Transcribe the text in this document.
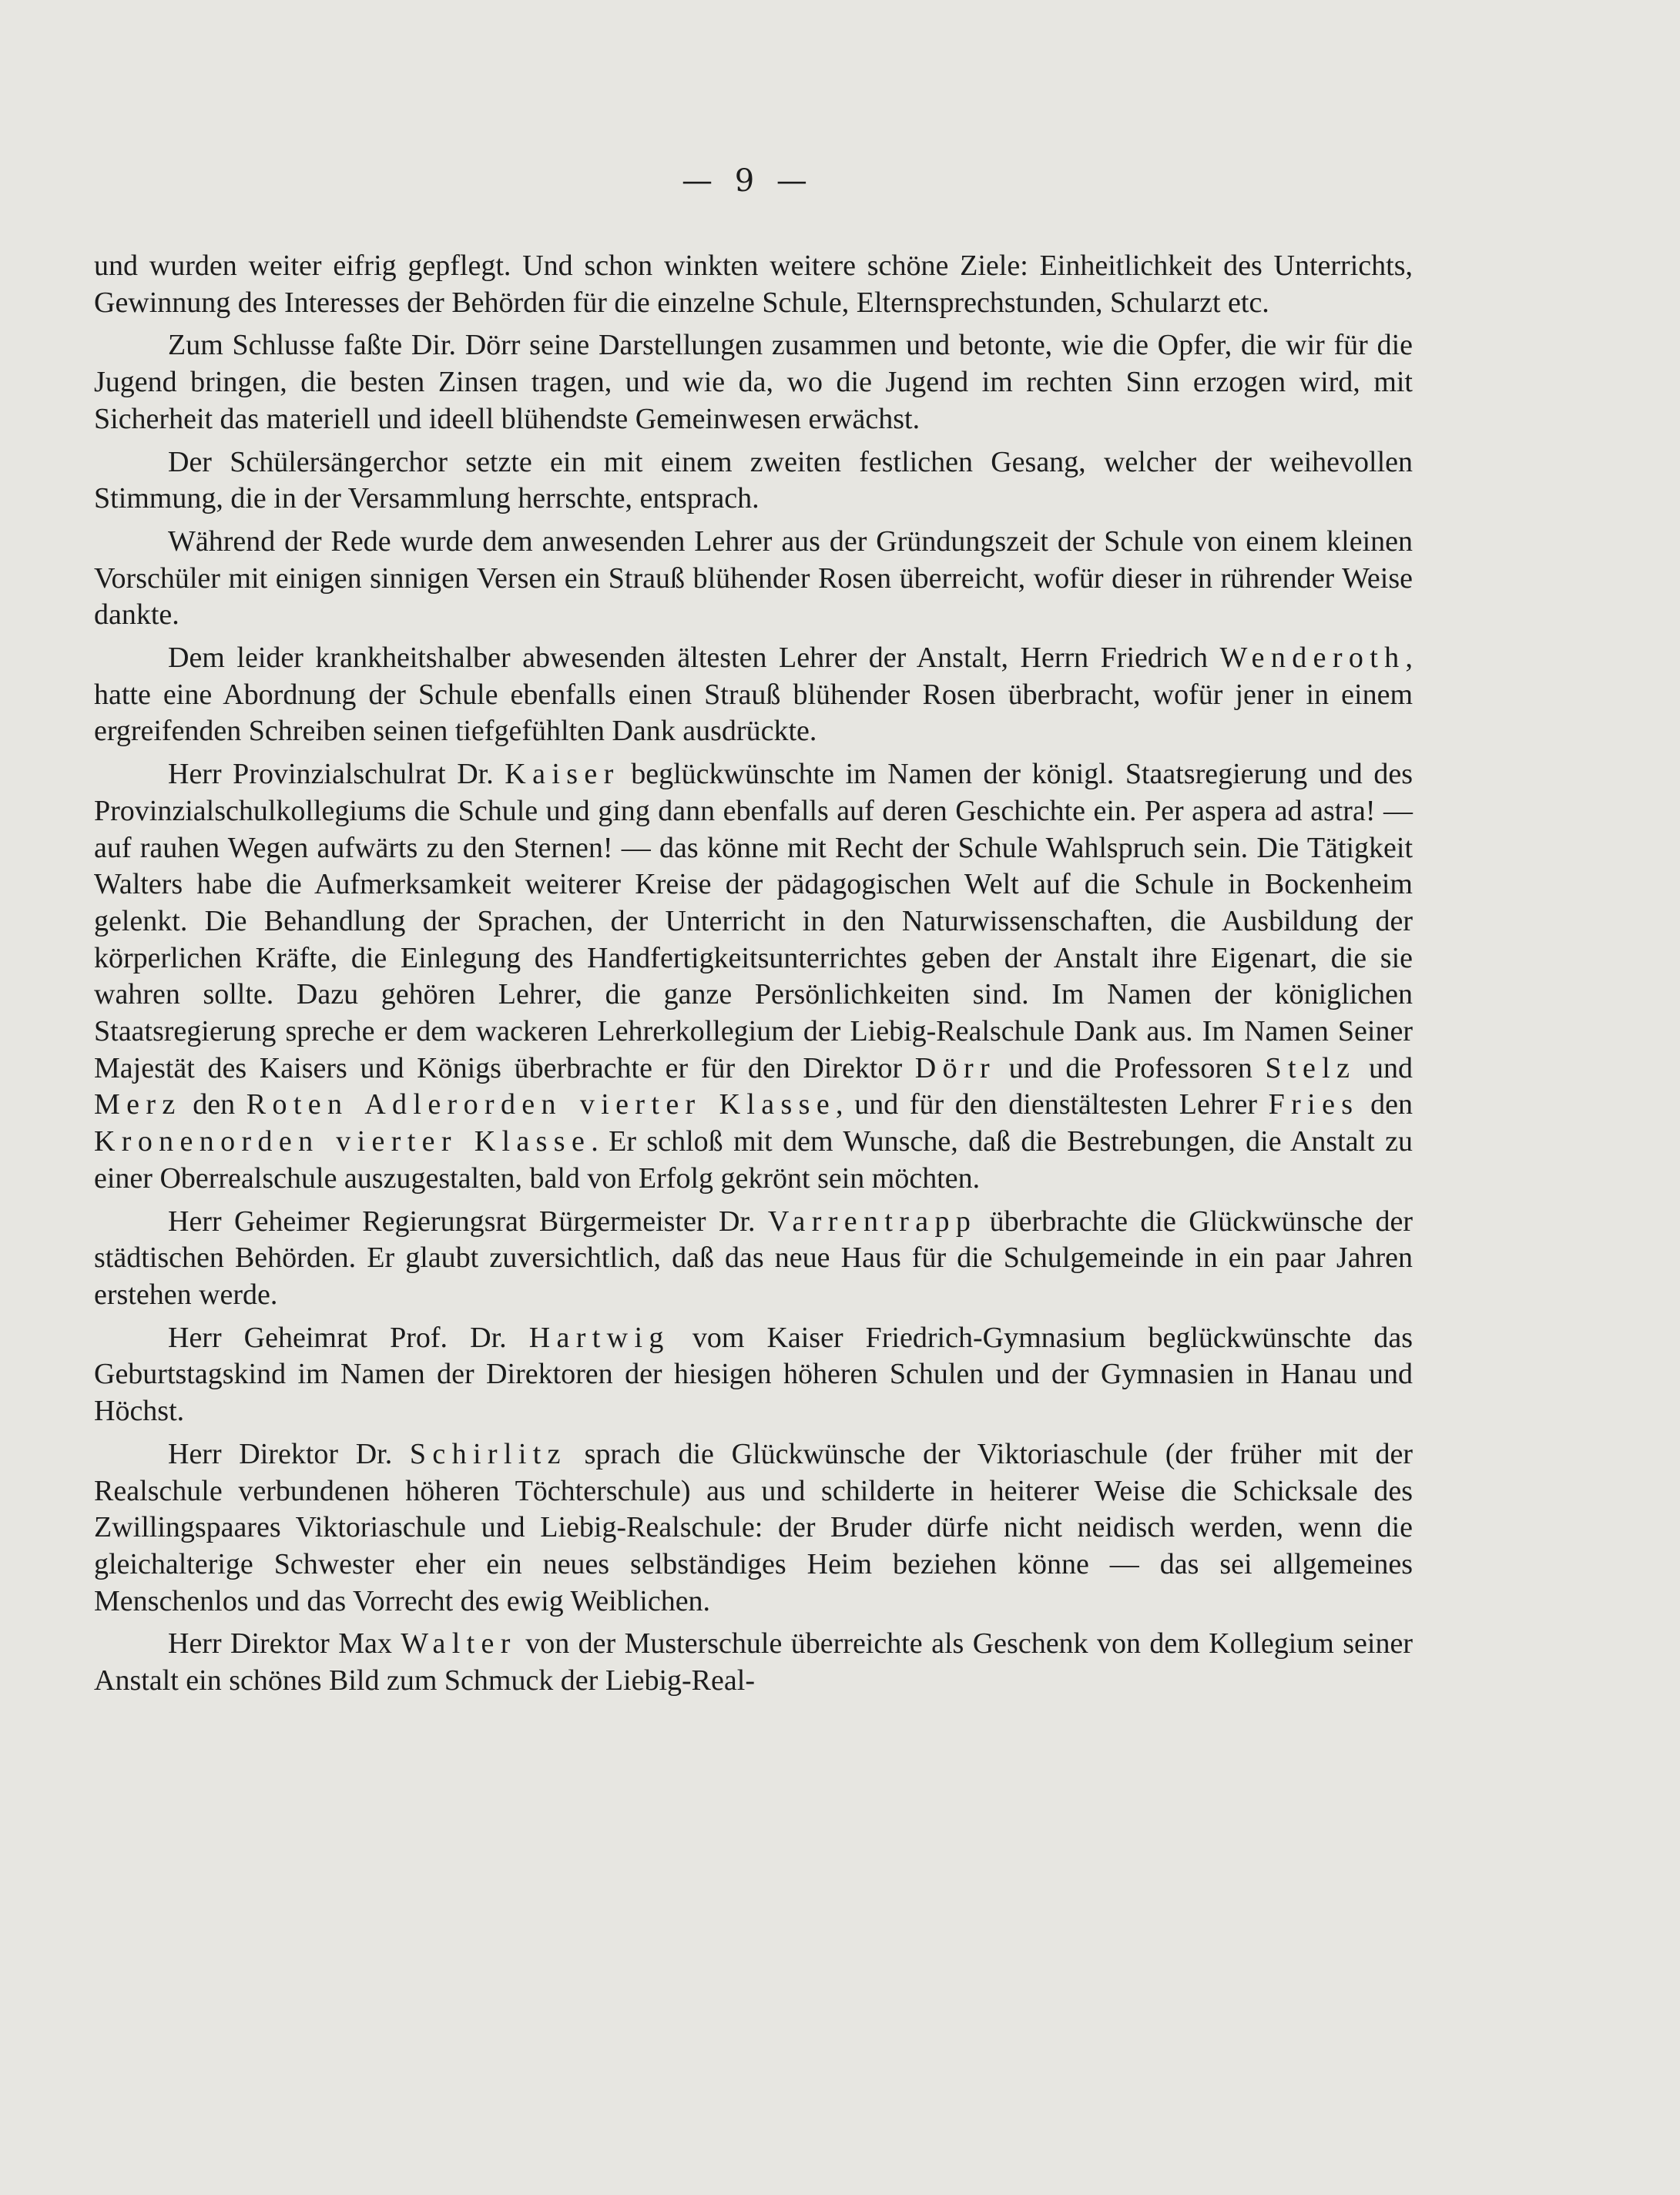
— 9 —

und wurden weiter eifrig gepflegt. Und schon winkten weitere schöne Ziele: Einheitlichkeit des Unterrichts, Gewinnung des Interesses der Behörden für die einzelne Schule, Elternsprechstunden, Schularzt etc.

Zum Schlusse faßte Dir. Dörr seine Darstellungen zusammen und betonte, wie die Opfer, die wir für die Jugend bringen, die besten Zinsen tragen, und wie da, wo die Jugend im rechten Sinn erzogen wird, mit Sicherheit das materiell und ideell blühendste Gemeinwesen erwächst.

Der Schülersängerchor setzte ein mit einem zweiten festlichen Gesang, welcher der weihevollen Stimmung, die in der Versammlung herrschte, entsprach.

Während der Rede wurde dem anwesenden Lehrer aus der Gründungszeit der Schule von einem kleinen Vorschüler mit einigen sinnigen Versen ein Strauß blühender Rosen überreicht, wofür dieser in rührender Weise dankte.

Dem leider krankheitshalber abwesenden ältesten Lehrer der Anstalt, Herrn Friedrich Wenderoth, hatte eine Abordnung der Schule ebenfalls einen Strauß blühender Rosen überbracht, wofür jener in einem ergreifenden Schreiben seinen tiefgefühlten Dank ausdrückte.

Herr Provinzialschulrat Dr. Kaiser beglückwünschte im Namen der königl. Staatsregierung und des Provinzialschulkollegiums die Schule und ging dann ebenfalls auf deren Geschichte ein. Per aspera ad astra! — auf rauhen Wegen aufwärts zu den Sternen! — das könne mit Recht der Schule Wahlspruch sein. Die Tätigkeit Walters habe die Aufmerksamkeit weiterer Kreise der pädagogischen Welt auf die Schule in Bockenheim gelenkt. Die Behandlung der Sprachen, der Unterricht in den Naturwissenschaften, die Ausbildung der körperlichen Kräfte, die Einlegung des Handfertigkeitsunterrichtes geben der Anstalt ihre Eigenart, die sie wahren sollte. Dazu gehören Lehrer, die ganze Persönlichkeiten sind. Im Namen der königlichen Staatsregierung spreche er dem wackeren Lehrerkollegium der Liebig-Realschule Dank aus. Im Namen Seiner Majestät des Kaisers und Königs überbrachte er für den Direktor Dörr und die Professoren Stelz und Merz den Roten Adlerorden vierter Klasse, und für den dienstältesten Lehrer Fries den Kronenorden vierter Klasse. Er schloß mit dem Wunsche, daß die Bestrebungen, die Anstalt zu einer Oberrealschule auszugestalten, bald von Erfolg gekrönt sein möchten.

Herr Geheimer Regierungsrat Bürgermeister Dr. Varrentrapp überbrachte die Glückwünsche der städtischen Behörden. Er glaubt zuversichtlich, daß das neue Haus für die Schulgemeinde in ein paar Jahren erstehen werde.

Herr Geheimrat Prof. Dr. Hartwig vom Kaiser Friedrich-Gymnasium beglückwünschte das Geburtstagskind im Namen der Direktoren der hiesigen höheren Schulen und der Gymnasien in Hanau und Höchst.

Herr Direktor Dr. Schirlitz sprach die Glückwünsche der Viktoriaschule (der früher mit der Realschule verbundenen höheren Töchterschule) aus und schilderte in heiterer Weise die Schicksale des Zwillingspaares Viktoriaschule und Liebig-Realschule: der Bruder dürfe nicht neidisch werden, wenn die gleichalterige Schwester eher ein neues selbständiges Heim beziehen könne — das sei allgemeines Menschenlos und das Vorrecht des ewig Weiblichen.

Herr Direktor Max Walter von der Musterschule überreichte als Geschenk von dem Kollegium seiner Anstalt ein schönes Bild zum Schmuck der Liebig-Real-
